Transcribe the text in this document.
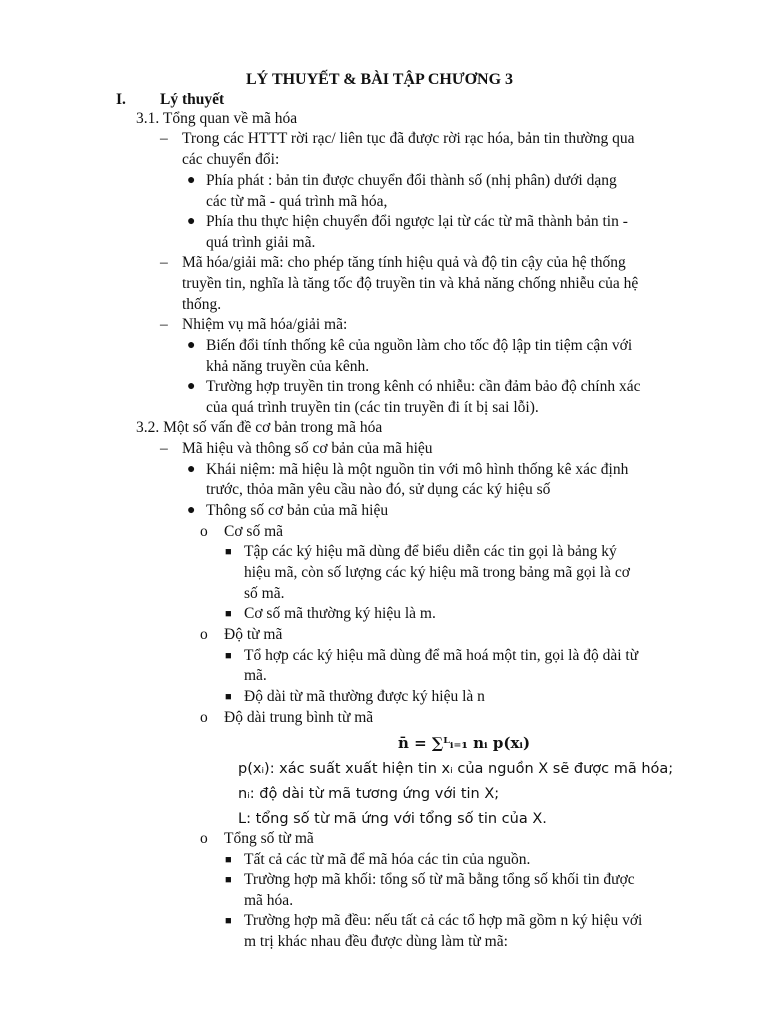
LÝ THUYẾT & BÀI TẬP CHƯƠNG 3
I. Lý thuyết
3.1. Tổng quan về mã hóa
– Trong các HTTT rời rạc/ liên tục đã được rời rạc hóa, bản tin thường qua
các chuyển đổi:
● Phía phát : bản tin được chuyển đổi thành số (nhị phân) dưới dạng
các từ mã - quá trình mã hóa,
● Phía thu thực hiện chuyển đổi ngược lại từ các từ mã thành bản tin -
quá trình giải mã.
– Mã hóa/giải mã: cho phép tăng tính hiệu quả và độ tin cậy của hệ thống
truyền tin, nghĩa là tăng tốc độ truyền tin và khả năng chống nhiễu của hệ
thống.
– Nhiệm vụ mã hóa/giải mã:
● Biến đổi tính thống kê của nguồn làm cho tốc độ lập tin tiệm cận với
khả năng truyền của kênh.
● Trường hợp truyền tin trong kênh có nhiễu: cần đảm bảo độ chính xác
của quá trình truyền tin (các tin truyền đi ít bị sai lỗi).
3.2. Một số vấn đề cơ bản trong mã hóa
– Mã hiệu và thông số cơ bản của mã hiệu
● Khái niệm: mã hiệu là một nguồn tin với mô hình thống kê xác định
trước, thỏa mãn yêu cầu nào đó, sử dụng các ký hiệu số
● Thông số cơ bản của mã hiệu
o Cơ số mã
■ Tập các ký hiệu mã dùng để biểu diễn các tin gọi là bảng ký
hiệu mã, còn số lượng các ký hiệu mã trong bảng mã gọi là cơ
số mã.
■ Cơ số mã thường ký hiệu là m.
o Độ từ mã
■ Tổ hợp các ký hiệu mã dùng để mã hoá một tin, gọi là độ dài từ
mã.
■ Độ dài từ mã thường được ký hiệu là n
o Độ dài trung bình từ mã
n̄ = ∑ᴸᵢ₌₁ nᵢ p(xᵢ)
p(xᵢ): xác suất xuất hiện tin xᵢ của nguồn X sẽ được mã hóa;
nᵢ: độ dài từ mã tương ứng với tin X;
L: tổng số từ mã ứng với tổng số tin của X.
o Tổng số từ mã
■ Tất cả các từ mã để mã hóa các tin của nguồn.
■ Trường hợp mã khối: tổng số từ mã bằng tổng số khối tin được
mã hóa.
■ Trường hợp mã đều: nếu tất cả các tổ hợp mã gồm n ký hiệu với
m trị khác nhau đều được dùng làm từ mã:
